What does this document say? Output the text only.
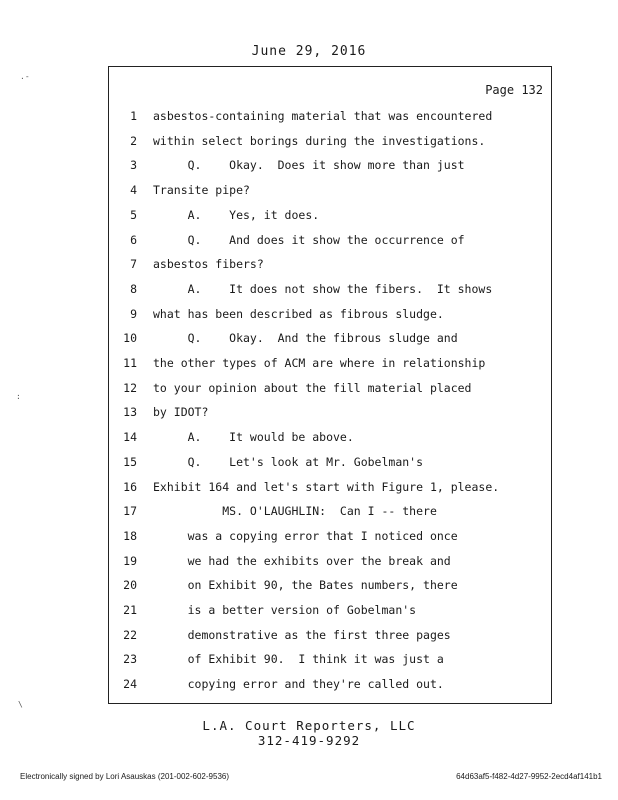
June 29, 2016
.-
:
\
Page 132
1 asbestos-containing material that was encountered
2 within select borings during the investigations.
3 Q.    Okay.  Does it show more than just
4 Transite pipe?
5 A.    Yes, it does.
6 Q.    And does it show the occurrence of
7 asbestos fibers?
8 A.    It does not show the fibers.  It shows
9 what has been described as fibrous sludge.
10 Q.    Okay.  And the fibrous sludge and
11 the other types of ACM are where in relationship
12 to your opinion about the fill material placed
13 by IDOT?
14 A.    It would be above.
15 Q.    Let's look at Mr. Gobelman's
16 Exhibit 164 and let's start with Figure 1, please.
17 MS. O'LAUGHLIN:  Can I -- there
18 was a copying error that I noticed once
19 we had the exhibits over the break and
20 on Exhibit 90, the Bates numbers, there
21 is a better version of Gobelman's
22 demonstrative as the first three pages
23 of Exhibit 90.  I think it was just a
24 copying error and they're called out.
L.A. Court Reporters, LLC
312-419-9292
Electronically signed by Lori Asauskas (201-002-602-9536)	64d63af5-f482-4d27-9952-2ecd4af141b1
